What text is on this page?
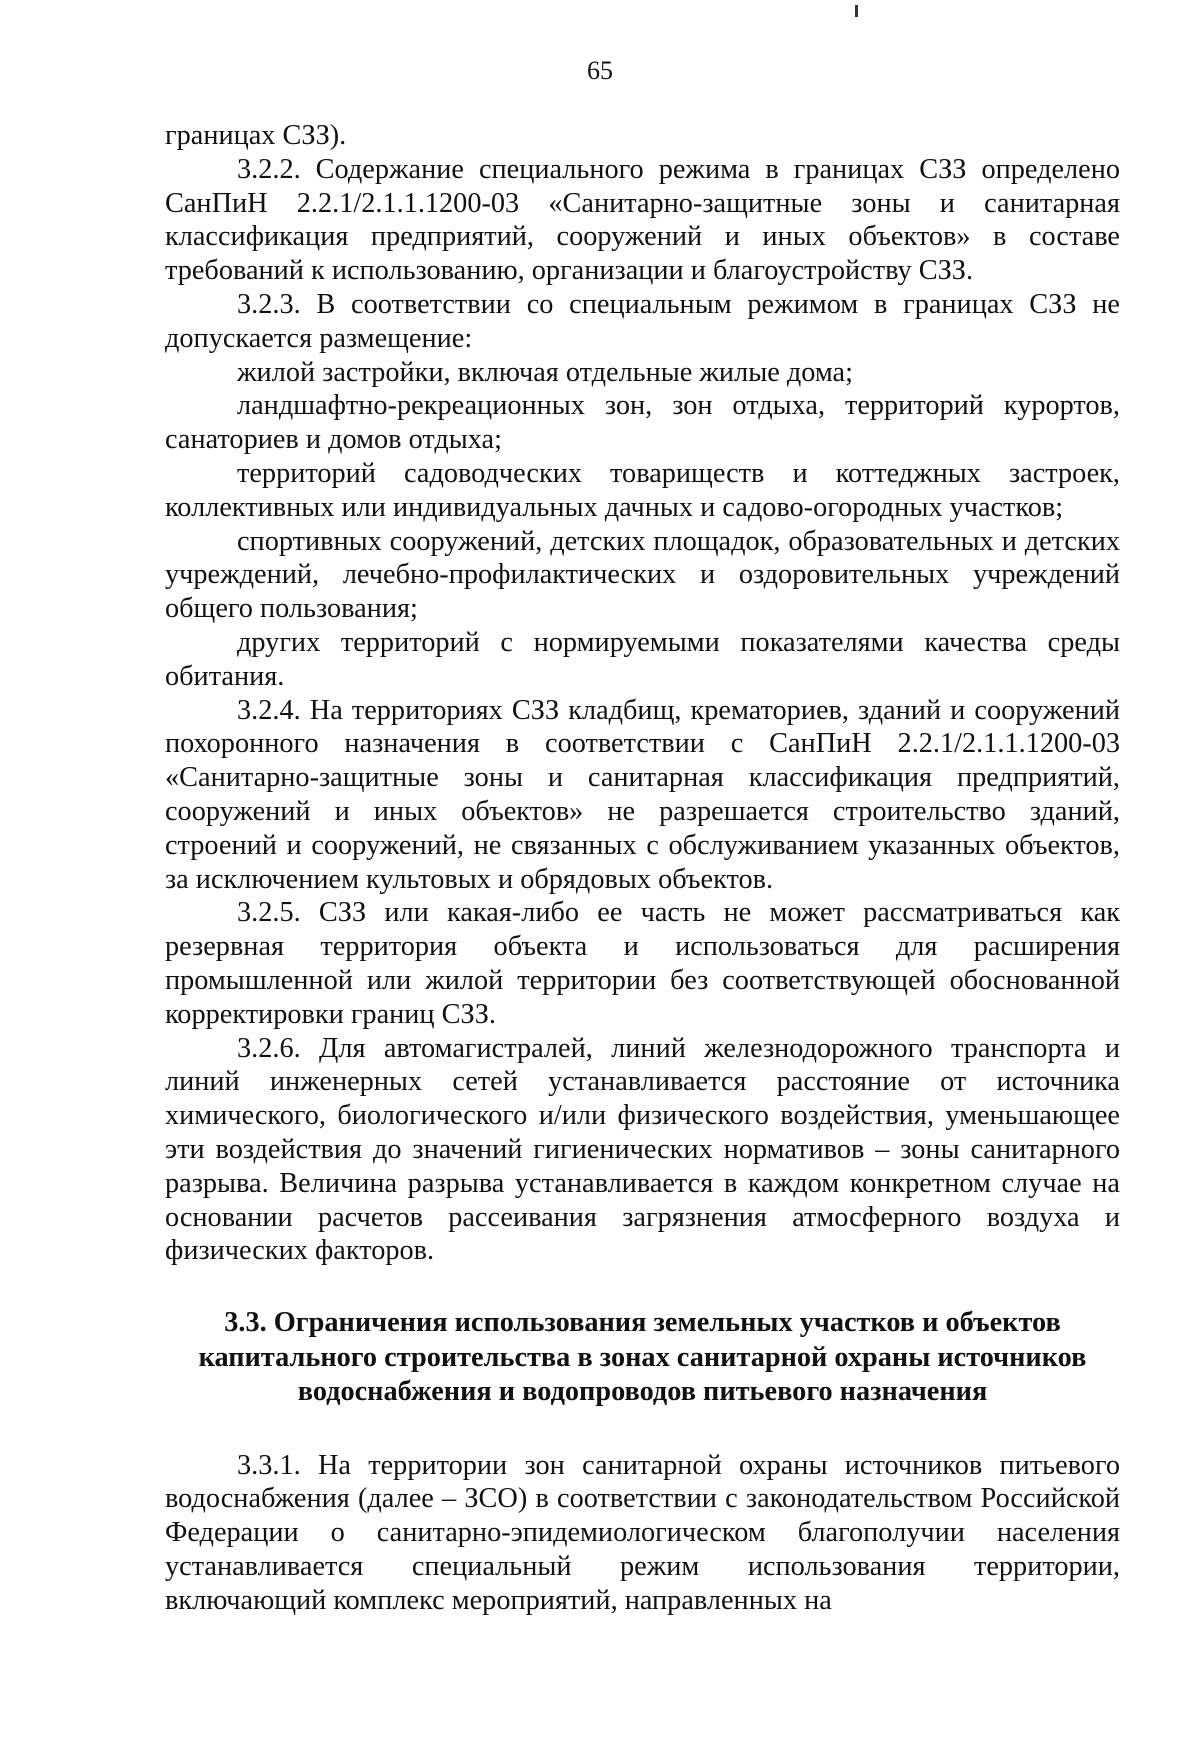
65

границах СЗЗ).

3.2.2. Содержание специального режима в границах СЗЗ определено СанПиН 2.2.1/2.1.1.1200-03 «Санитарно-защитные зоны и санитарная классификация предприятий, сооружений и иных объектов» в составе требований к использованию, организации и благоустройству СЗЗ.

3.2.3. В соответствии со специальным режимом в границах СЗЗ не допускается размещение:

жилой застройки, включая отдельные жилые дома;

ландшафтно-рекреационных зон, зон отдыха, территорий курортов, санаториев и домов отдыха;

территорий садоводческих товариществ и коттеджных застроек, коллективных или индивидуальных дачных и садово-огородных участков;

спортивных сооружений, детских площадок, образовательных и детских учреждений, лечебно-профилактических и оздоровительных учреждений общего пользования;

других территорий с нормируемыми показателями качества среды обитания.

3.2.4. На территориях СЗЗ кладбищ, крематориев, зданий и сооружений похоронного назначения в соответствии с СанПиН 2.2.1/2.1.1.1200-03 «Санитарно-защитные зоны и санитарная классификация предприятий, сооружений и иных объектов» не разрешается строительство зданий, строений и сооружений, не связанных с обслуживанием указанных объектов, за исключением культовых и обрядовых объектов.

3.2.5. СЗЗ или какая-либо ее часть не может рассматриваться как резервная территория объекта и использоваться для расширения промышленной или жилой территории без соответствующей обоснованной корректировки границ СЗЗ.

3.2.6. Для автомагистралей, линий железнодорожного транспорта и линий инженерных сетей устанавливается расстояние от источника химического, биологического и/или физического воздействия, уменьшающее эти воздействия до значений гигиенических нормативов – зоны санитарного разрыва. Величина разрыва устанавливается в каждом конкретном случае на основании расчетов рассеивания загрязнения атмосферного воздуха и физических факторов.

3.3. Ограничения использования земельных участков и объектов капитального строительства в зонах санитарной охраны источников водоснабжения и водопроводов питьевого назначения

3.3.1. На территории зон санитарной охраны источников питьевого водоснабжения (далее – ЗСО) в соответствии с законодательством Российской Федерации о санитарно-эпидемиологическом благополучии населения устанавливается специальный режим использования территории, включающий комплекс мероприятий, направленных на
